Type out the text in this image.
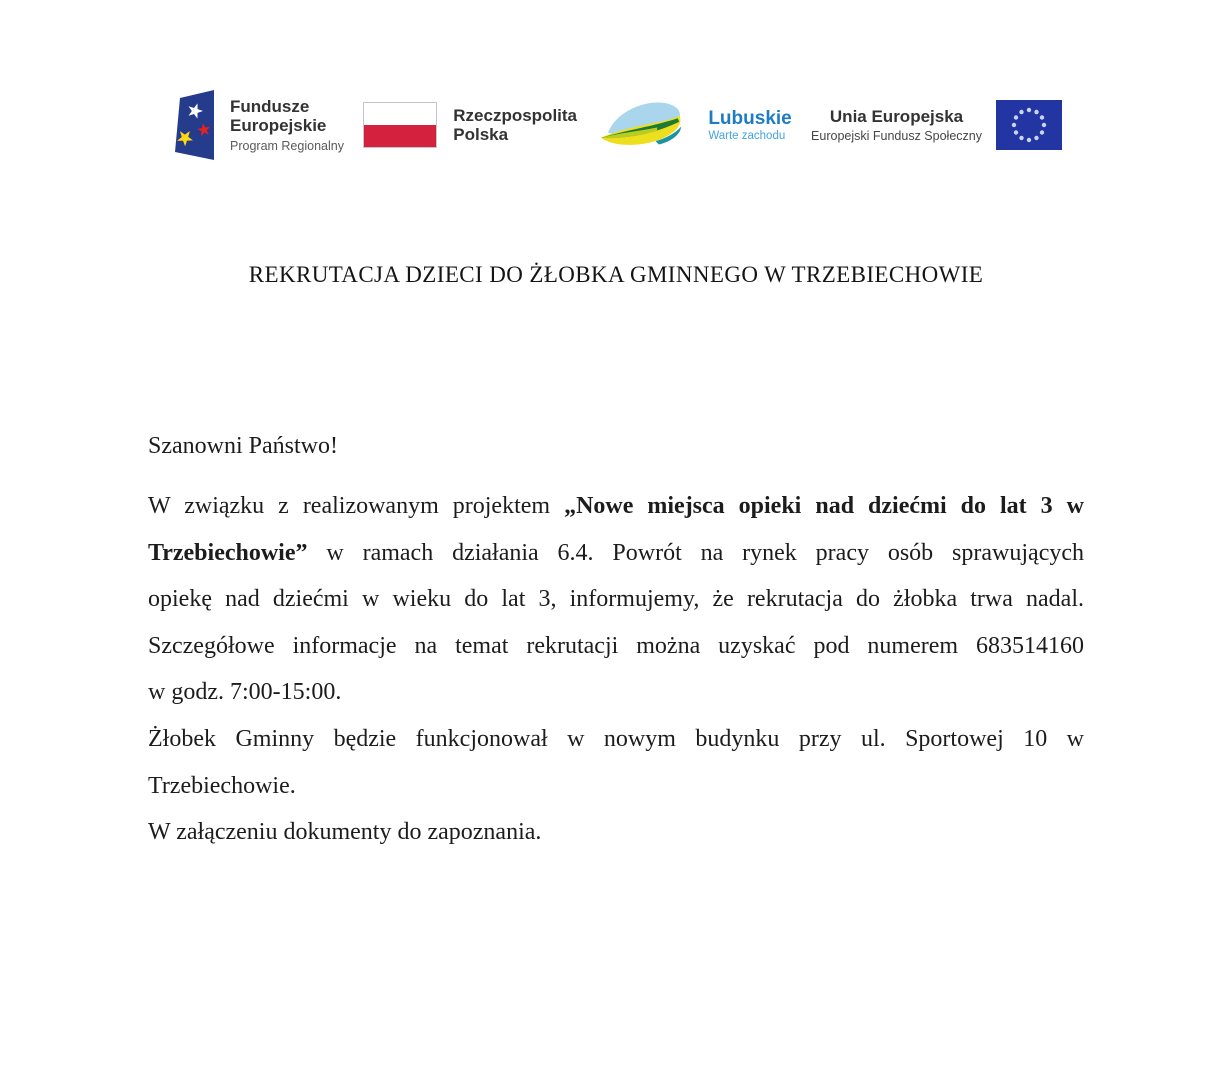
Fundusze
Europejskie
Program Regionalny
Rzeczpospolita
Polska
Lubuskie
Warte zachodu
Unia Europejska
Europejski Fundusz Społeczny
REKRUTACJA DZIECI DO ŻŁOBKA GMINNEGO W TRZEBIECHOWIE
Szanowni Państwo!
W związku z realizowanym projektem „Nowe miejsca opieki nad dziećmi do lat 3 w
Trzebiechowie” w ramach działania 6.4. Powrót na rynek pracy osób sprawujących
opiekę nad dziećmi w wieku do lat 3, informujemy, że rekrutacja do żłobka trwa nadal.
Szczegółowe informacje na temat rekrutacji można uzyskać pod numerem 683514160
w godz. 7:00-15:00.
Żłobek Gminny będzie funkcjonował w nowym budynku przy ul. Sportowej 10 w
Trzebiechowie.
W załączeniu dokumenty do zapoznania.
